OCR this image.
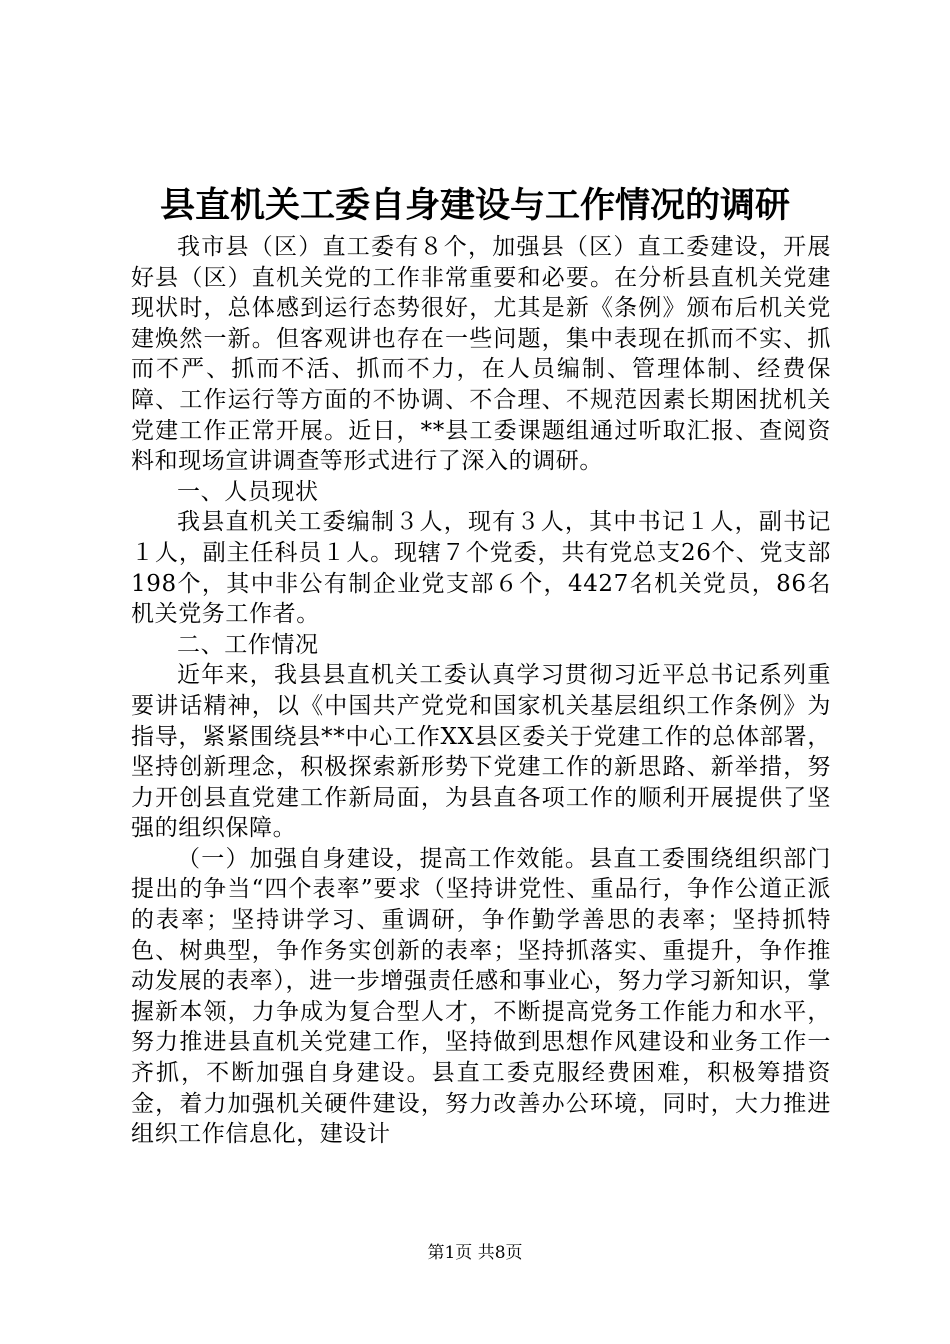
县直机关工委自身建设与工作情况的调研

我市县（区）直工委有８个，加强县（区）直工委建设，开展好县（区）直机关党的工作非常重要和必要。在分析县直机关党建现状时，总体感到运行态势很好，尤其是新《条例》颁布后机关党建焕然一新。但客观讲也存在一些问题，集中表现在抓而不实、抓而不严、抓而不活、抓而不力，在人员编制、管理体制、经费保障、工作运行等方面的不协调、不合理、不规范因素长期困扰机关党建工作正常开展。近日，**县工委课题组通过听取汇报、查阅资料和现场宣讲调查等形式进行了深入的调研。

一、人员现状

我县直机关工委编制３人，现有３人，其中书记１人，副书记１人，副主任科员１人。现辖７个党委，共有党总支26个、党支部198个，其中非公有制企业党支部６个，4427名机关党员，86名机关党务工作者。

二、工作情况

近年来，我县县直机关工委认真学习贯彻习近平总书记系列重要讲话精神，以《中国共产党党和国家机关基层组织工作条例》为指导，紧紧围绕县**中心工作XX县区委关于党建工作的总体部署，坚持创新理念，积极探索新形势下党建工作的新思路、新举措，努力开创县直党建工作新局面，为县直各项工作的顺利开展提供了坚强的组织保障。

（一）加强自身建设，提高工作效能。县直工委围绕组织部门提出的争当“四个表率”要求（坚持讲党性、重品行，争作公道正派的表率；坚持讲学习、重调研，争作勤学善思的表率；坚持抓特色、树典型，争作务实创新的表率；坚持抓落实、重提升，争作推动发展的表率），进一步增强责任感和事业心，努力学习新知识，掌握新本领，力争成为复合型人才，不断提高党务工作能力和水平，努力推进县直机关党建工作，坚持做到思想作风建设和业务工作一齐抓，不断加强自身建设。县直工委克服经费困难，积极筹措资金，着力加强机关硬件建设，努力改善办公环境，同时，大力推进组织工作信息化，建设计

第1页 共8页
